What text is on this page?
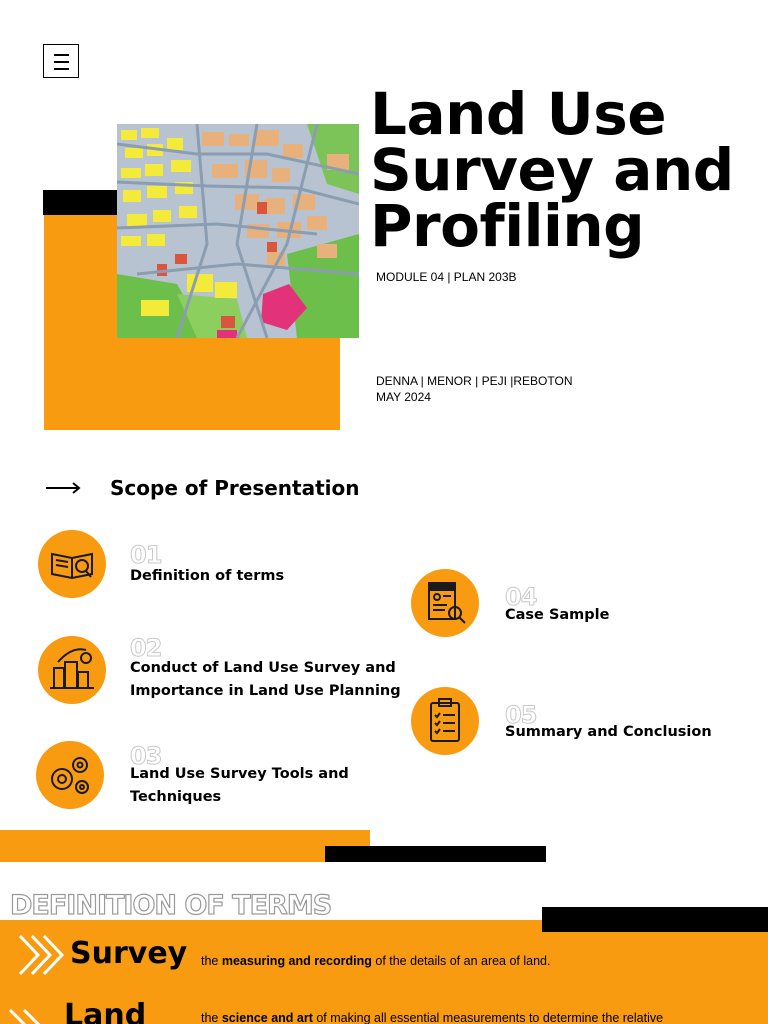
Land Use
Survey and
Profiling
MODULE 04 | PLAN 203B
DENNA | MENOR | PEJI |REBOTON
MAY 2024
Scope of Presentation
01
Definition of terms
02
Conduct of Land Use Survey and
Importance in Land Use Planning
03
Land Use Survey Tools and
Techniques
04
Case Sample
05
Summary and Conclusion
DEFINITION OF TERMS
Survey the measuring and recording of the details of an area of land.
Land	the science and art of making all essential measurements to determine the relative
